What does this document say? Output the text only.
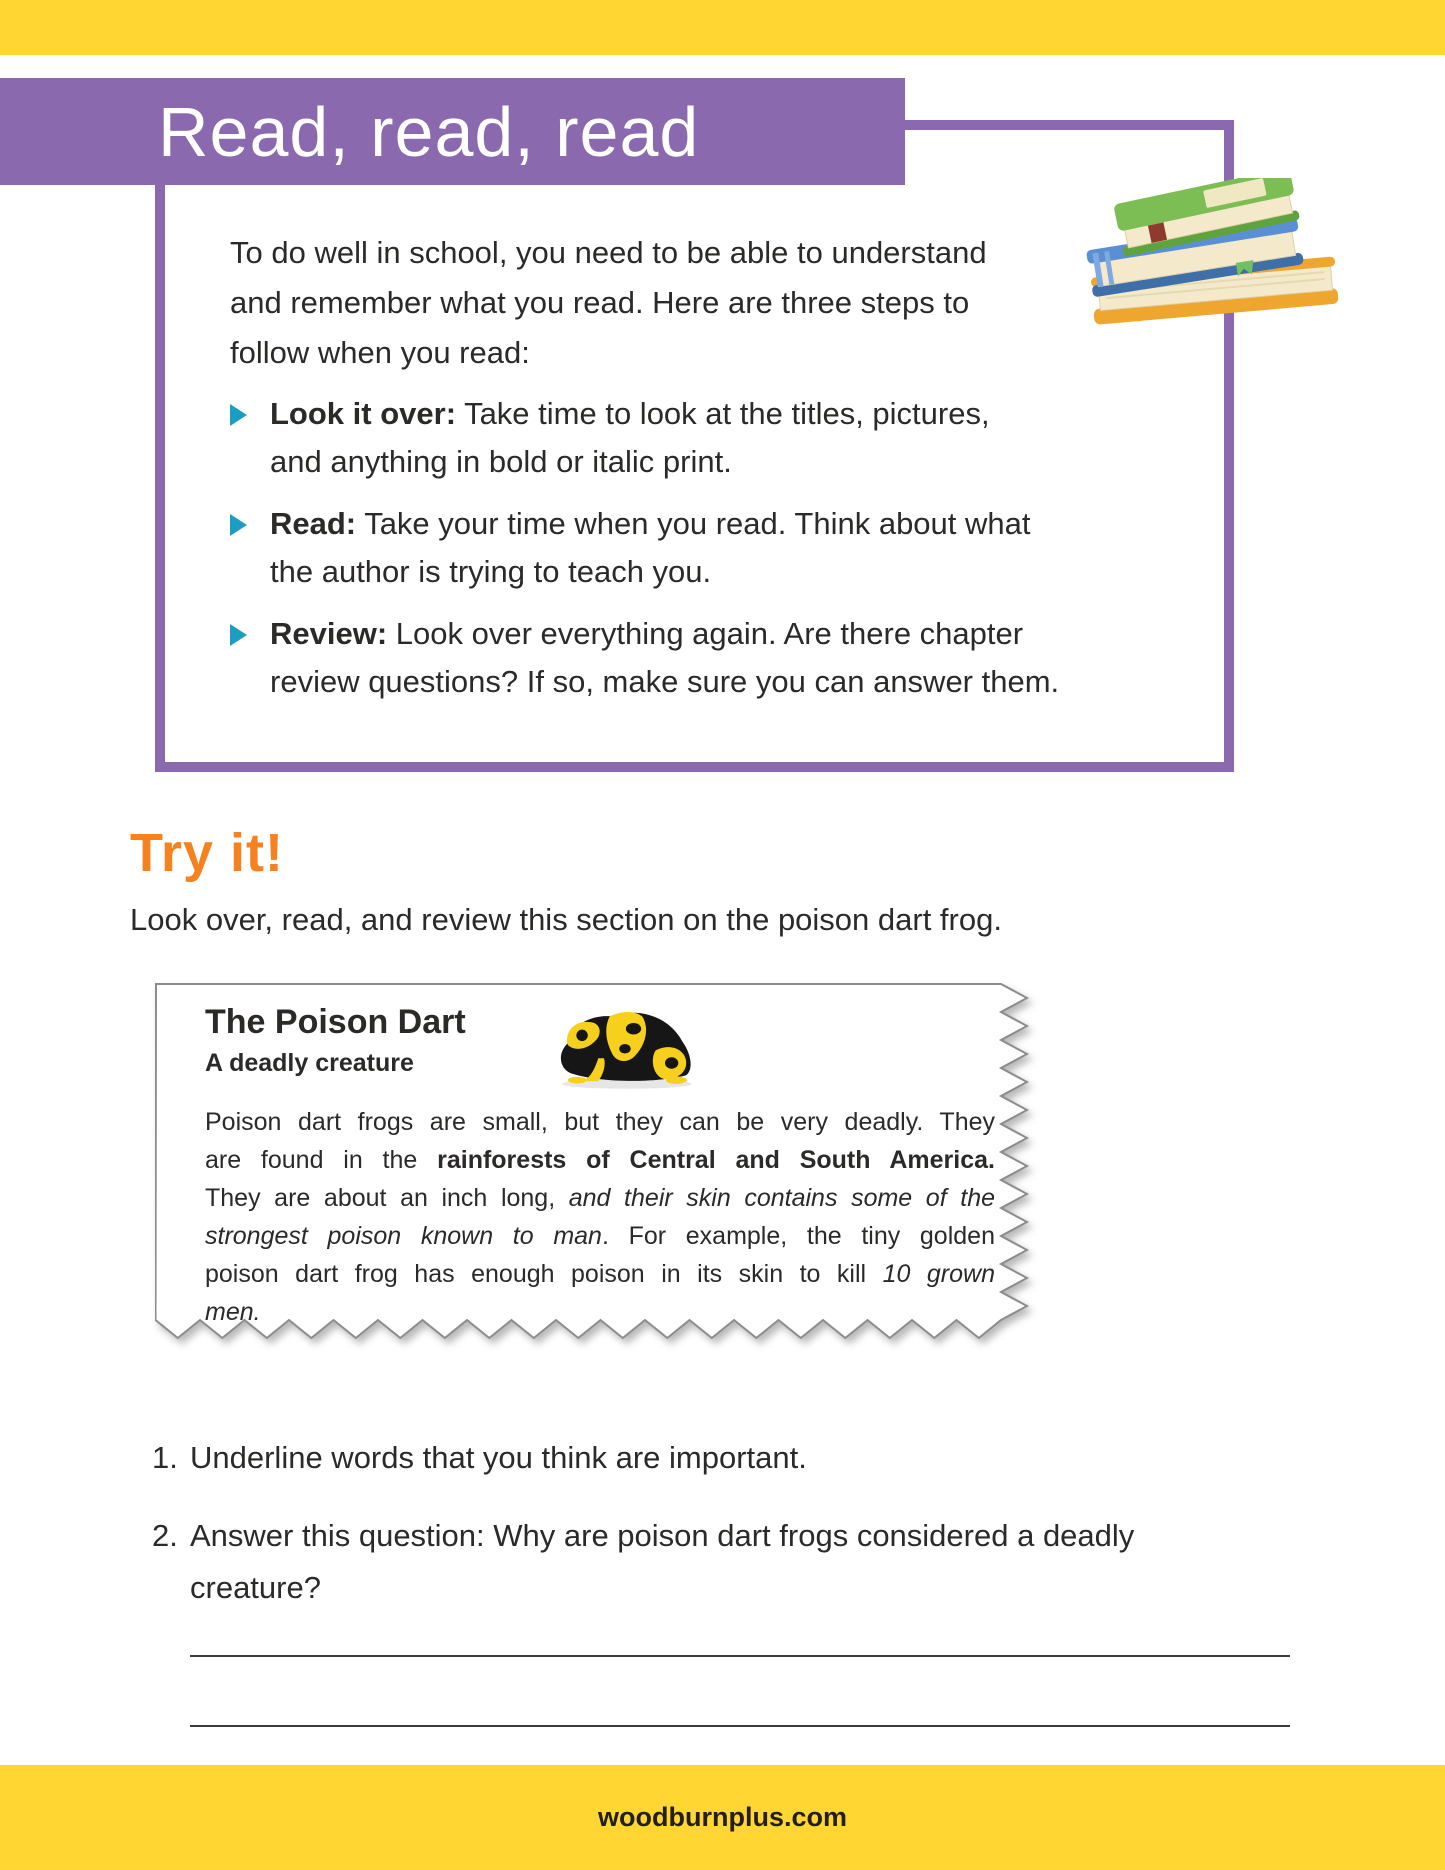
Read, read, read
To do well in school, you need to be able to understand
and remember what you read. Here are three steps to
follow when you read:
Look it over: Take time to look at the titles, pictures,
and anything in bold or italic print.
Read: Take your time when you read. Think about what
the author is trying to teach you.
Review: Look over everything again. Are there chapter
review questions? If so, make sure you can answer them.
Try it!
Look over, read, and review this section on the poison dart frog.
The Poison Dart
A deadly creature
Poison dart frogs are small, but they can be very deadly. They
are found in the rainforests of Central and South America.
They are about an inch long, and their skin contains some of the
strongest poison known to man. For example, the tiny golden
poison dart frog has enough poison in its skin to kill 10 grown
men.
1. Underline words that you think are important.
2. Answer this question: Why are poison dart frogs considered a deadly
creature?
woodburnplus.com
